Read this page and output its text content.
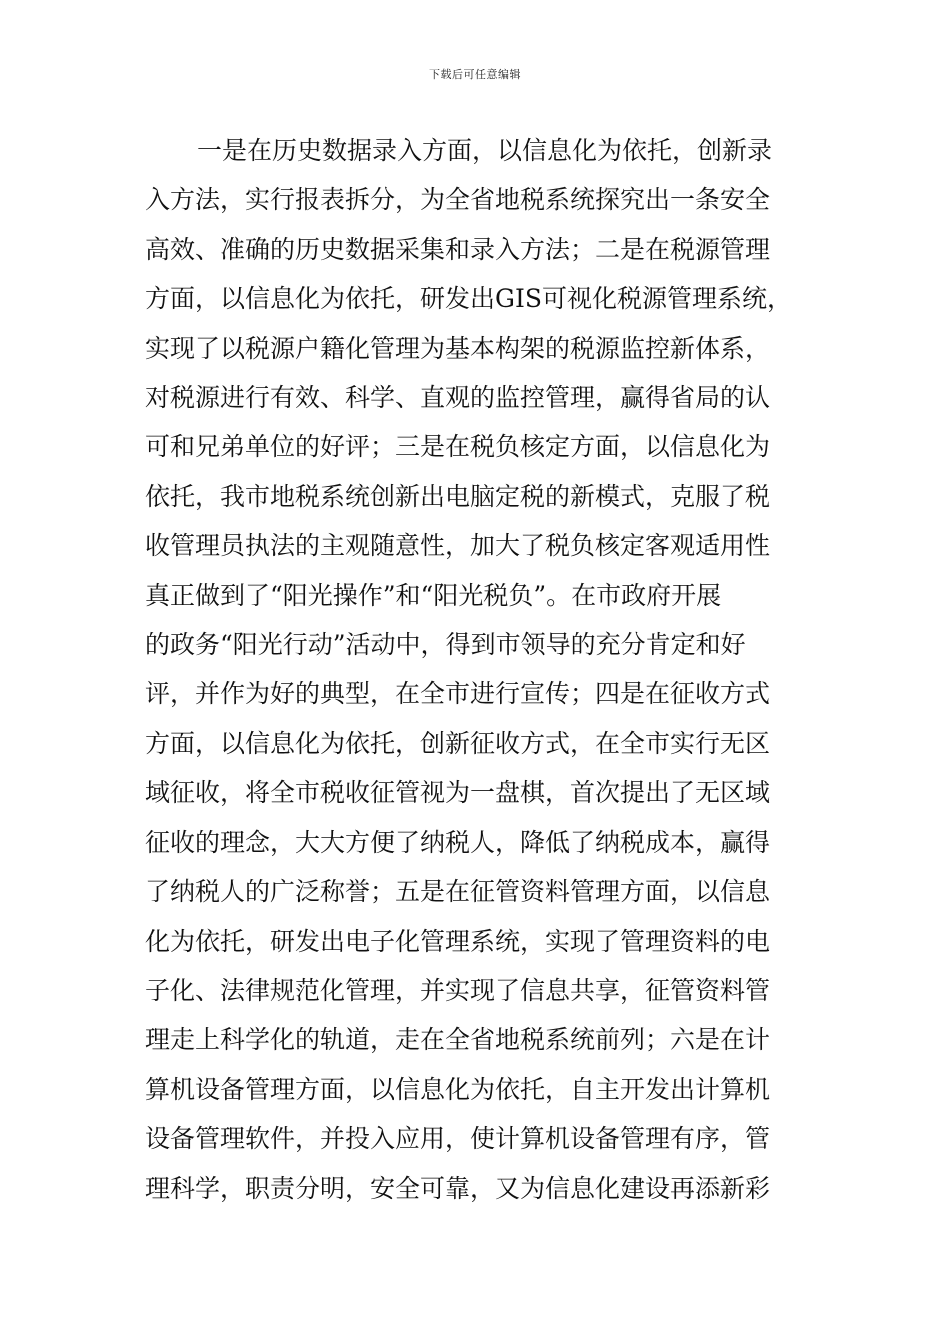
下载后可任意编辑

一是在历史数据录入方面，以信息化为依托，创新录
入方法，实行报表拆分，为全省地税系统探究出一条安全
高效、准确的历史数据采集和录入方法；二是在税源管理
方面，以信息化为依托，研发出GIS可视化税源管理系统，
实现了以税源户籍化管理为基本构架的税源监控新体系，
对税源进行有效、科学、直观的监控管理，赢得省局的认
可和兄弟单位的好评；三是在税负核定方面，以信息化为
依托，我市地税系统创新出电脑定税的新模式，克服了税
收管理员执法的主观随意性，加大了税负核定客观适用性
真正做到了“阳光操作”和“阳光税负”。在市政府开展
的政务“阳光行动”活动中，得到市领导的充分肯定和好
评，并作为好的典型，在全市进行宣传；四是在征收方式
方面，以信息化为依托，创新征收方式，在全市实行无区
域征收，将全市税收征管视为一盘棋，首次提出了无区域
征收的理念，大大方便了纳税人，降低了纳税成本，赢得
了纳税人的广泛称誉；五是在征管资料管理方面，以信息
化为依托，研发出电子化管理系统，实现了管理资料的电
子化、法律规范化管理，并实现了信息共享，征管资料管
理走上科学化的轨道，走在全省地税系统前列；六是在计
算机设备管理方面，以信息化为依托，自主开发出计算机
设备管理软件，并投入应用，使计算机设备管理有序，管
理科学，职责分明，安全可靠，又为信息化建设再添新彩
